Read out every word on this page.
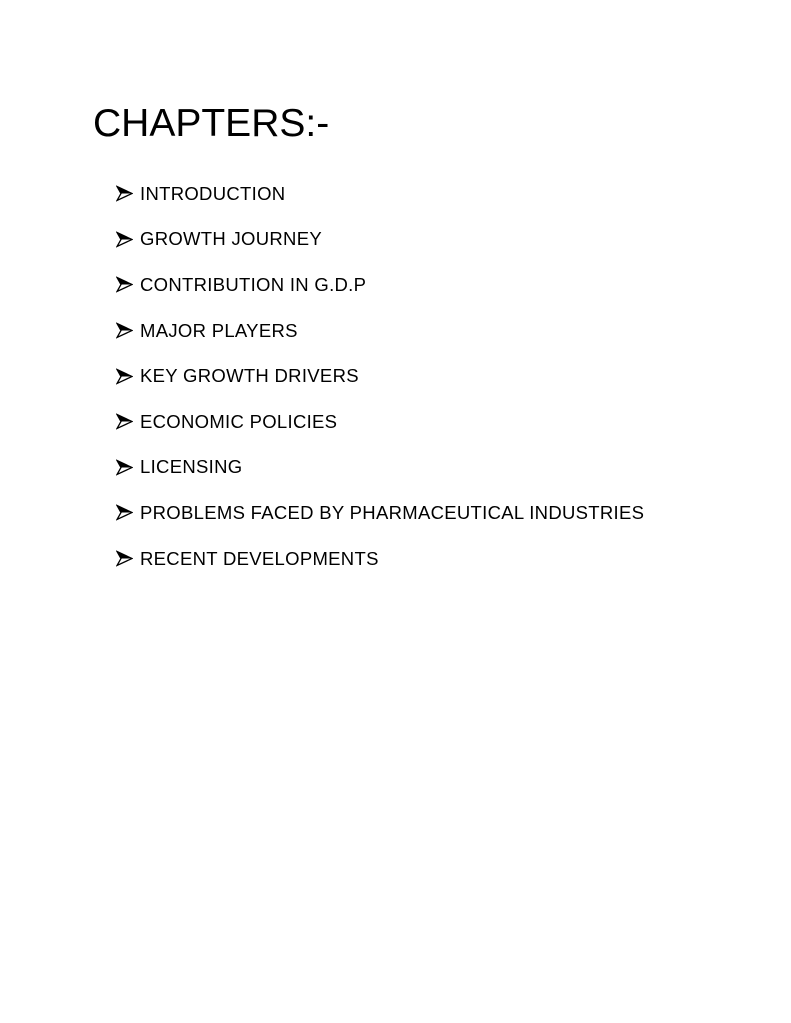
CHAPTERS:-
INTRODUCTION
GROWTH JOURNEY
CONTRIBUTION IN G.D.P
MAJOR PLAYERS
KEY GROWTH DRIVERS
ECONOMIC POLICIES
LICENSING
PROBLEMS FACED BY PHARMACEUTICAL INDUSTRIES
RECENT DEVELOPMENTS
